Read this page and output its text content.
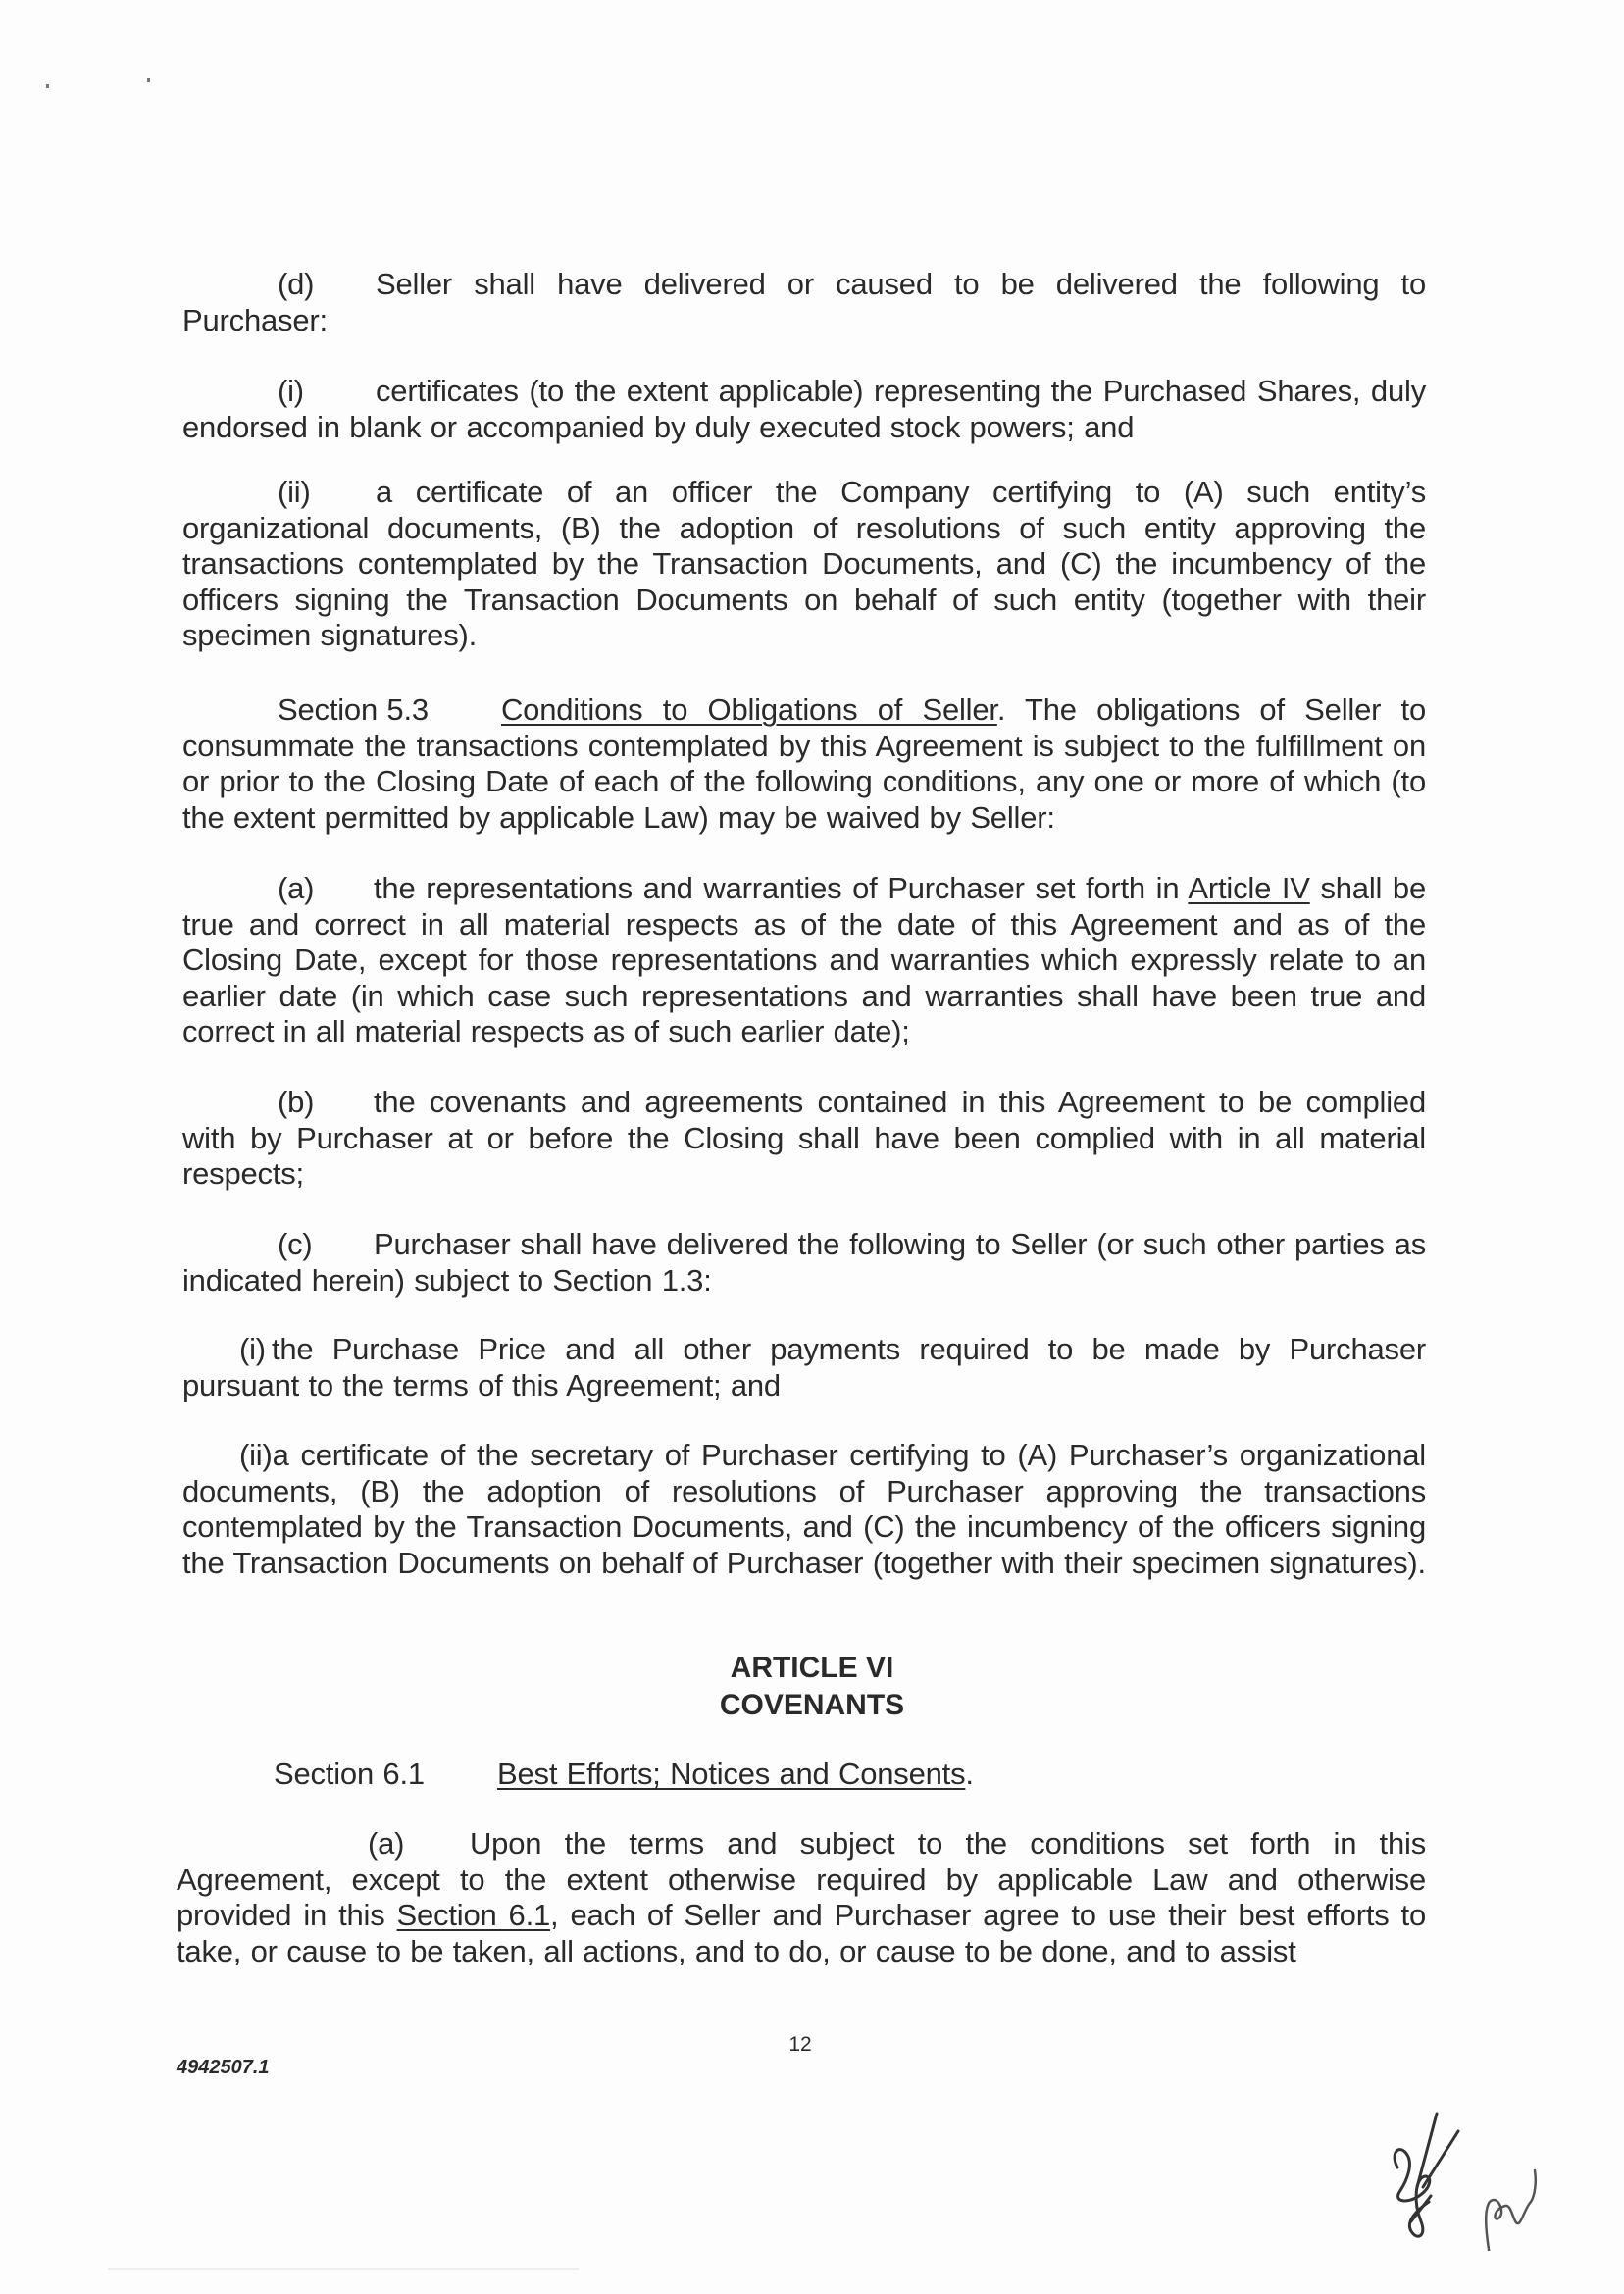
(d) Seller shall have delivered or caused to be delivered the following to Purchaser:
(i) certificates (to the extent applicable) representing the Purchased Shares, duly endorsed in blank or accompanied by duly executed stock powers; and
(ii) a certificate of an officer the Company certifying to (A) such entity’s organizational documents, (B) the adoption of resolutions of such entity approving the transactions contemplated by the Transaction Documents, and (C) the incumbency of the officers signing the Transaction Documents on behalf of such entity (together with their specimen signatures).
Section 5.3 Conditions to Obligations of Seller. The obligations of Seller to consummate the transactions contemplated by this Agreement is subject to the fulfillment on or prior to the Closing Date of each of the following conditions, any one or more of which (to the extent permitted by applicable Law) may be waived by Seller:
(a) the representations and warranties of Purchaser set forth in Article IV shall be true and correct in all material respects as of the date of this Agreement and as of the Closing Date, except for those representations and warranties which expressly relate to an earlier date (in which case such representations and warranties shall have been true and correct in all material respects as of such earlier date);
(b) the covenants and agreements contained in this Agreement to be complied with by Purchaser at or before the Closing shall have been complied with in all material respects;
(c) Purchaser shall have delivered the following to Seller (or such other parties as indicated herein) subject to Section 1.3:
(i) the Purchase Price and all other payments required to be made by Purchaser pursuant to the terms of this Agreement; and
(ii)a certificate of the secretary of Purchaser certifying to (A) Purchaser’s organizational documents, (B) the adoption of resolutions of Purchaser approving the transactions contemplated by the Transaction Documents, and (C) the incumbency of the officers signing the Transaction Documents on behalf of Purchaser (together with their specimen signatures).
ARTICLE VI
COVENANTS
Section 6.1 Best Efforts; Notices and Consents.
(a) Upon the terms and subject to the conditions set forth in this Agreement, except to the extent otherwise required by applicable Law and otherwise provided in this Section 6.1, each of Seller and Purchaser agree to use their best efforts to take, or cause to be taken, all actions, and to do, or cause to be done, and to assist
12
4942507.1
